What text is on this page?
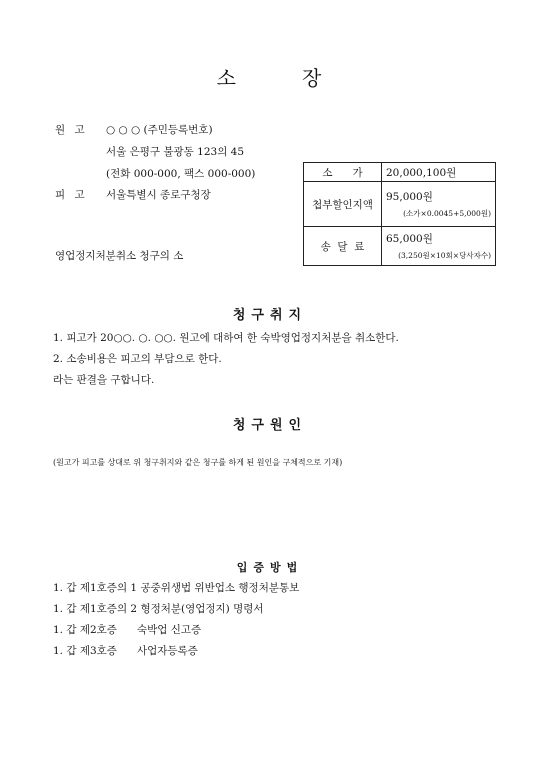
소	장
원 고 ○ ○ ○ (주민등록번호)
서울 은평구 불광동 123의 45
(전화 000-000, 팩스 000-000)
피 고 서울특별시 종로구청장
영업정지처분취소 청구의 소
소      가	20,000,100원

첩부할인지액	95,000원
(소가×0.0045+5,000원)

송  달  료	65,000원
(3,250원×10회×당사자수)
청구취지
1. 피고가 20○○. ○. ○○. 원고에 대하여 한 숙박영업정지처분을 취소한다.
2. 소송비용은 피고의 부담으로 한다.
라는 판결을 구합니다.
청구원인
(원고가 피고를 상대로 위 청구취지와 같은 청구를 하게 된 원인을 구체적으로 기재)
입증방법
1. 갑 제1호증의 1 공중위생법 위반업소 행정처분통보
1. 갑 제1호증의 2 형정처분(영업정지) 명령서
1. 갑 제2호증      숙박업 신고증
1. 갑 제3호증      사업자등록증
